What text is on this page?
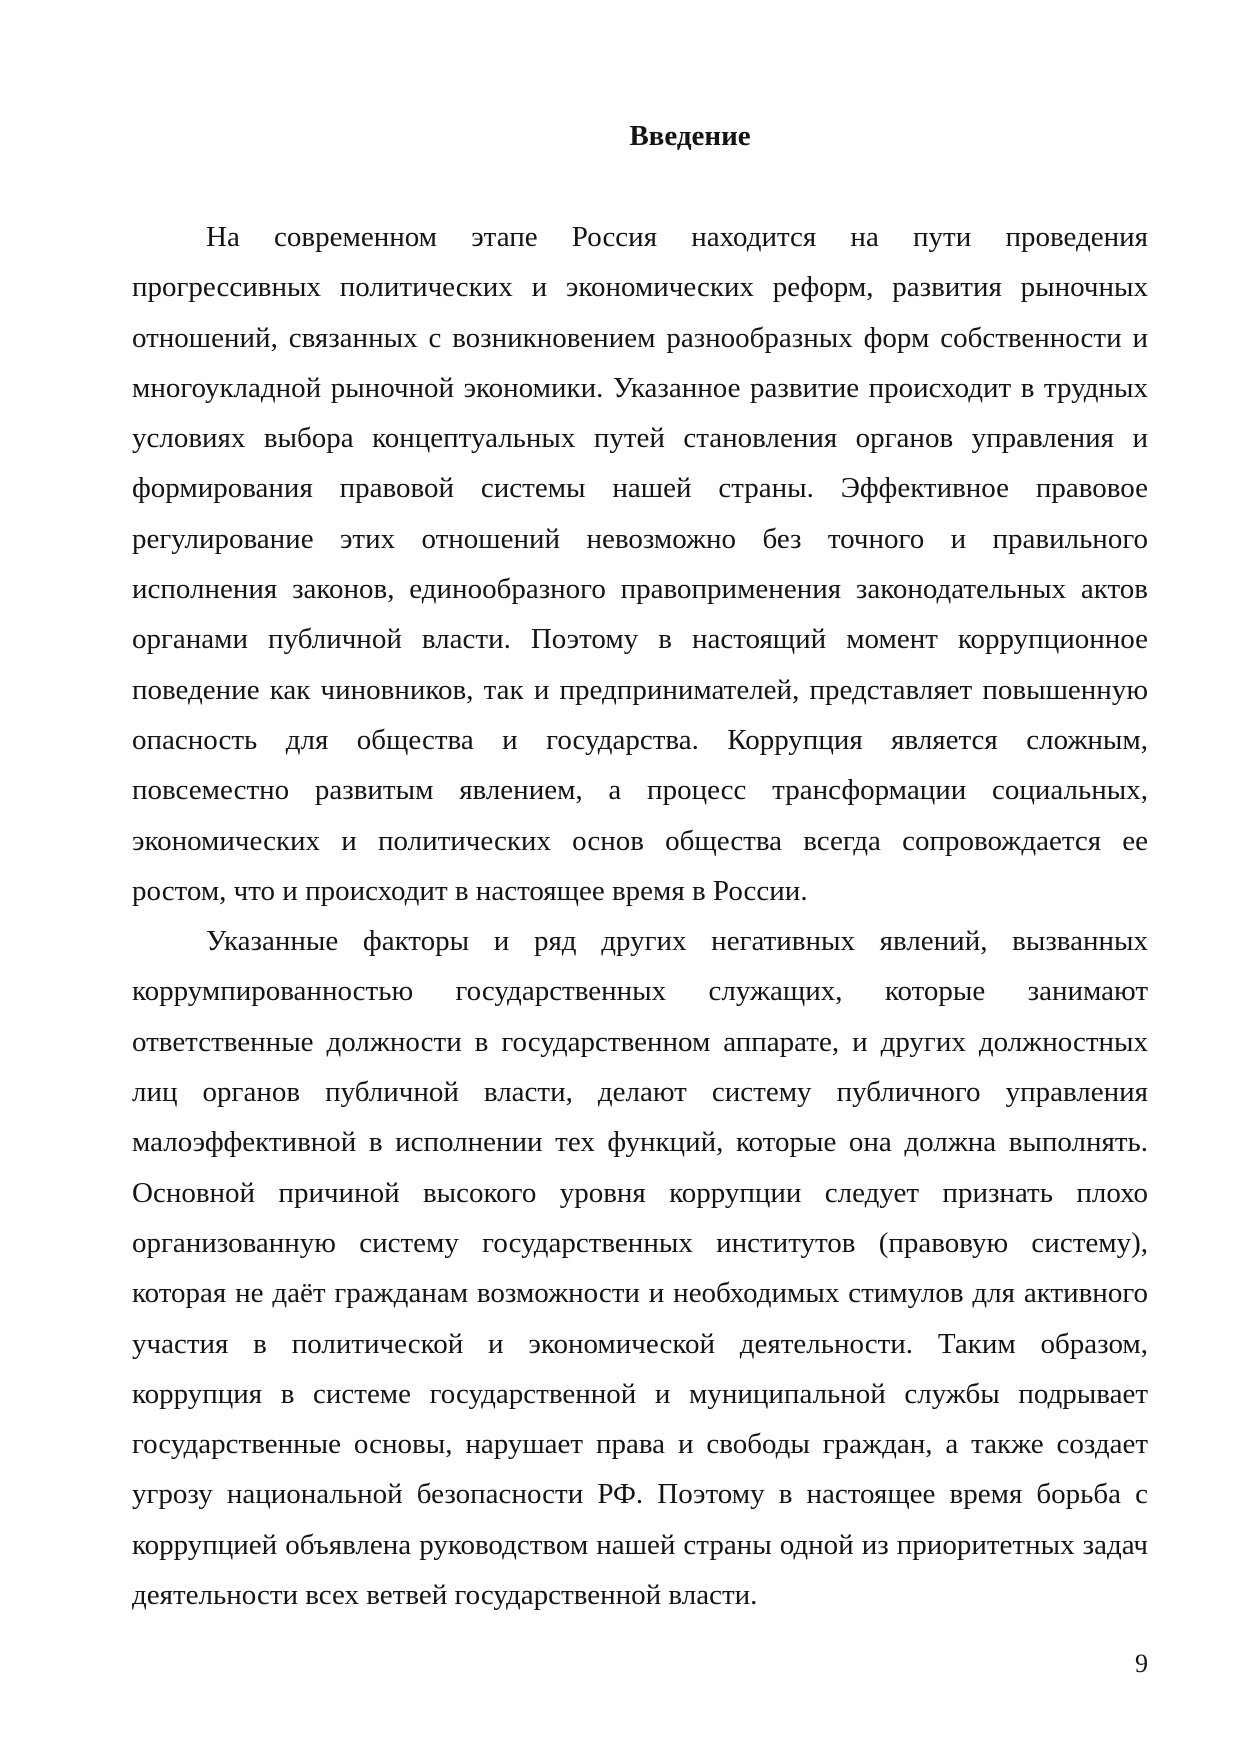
Введение

На современном этапе Россия находится на пути проведения прогрессивных политических и экономических реформ, развития рыночных отношений, связанных с возникновением разнообразных форм собственности и многоукладной рыночной экономики. Указанное развитие происходит в трудных условиях выбора концептуальных путей становления органов управления и формирования правовой системы нашей страны. Эффективное правовое регулирование этих отношений невозможно без точного и правильного исполнения законов, единообразного правоприменения законодательных актов органами публичной власти. Поэтому в настоящий момент коррупционное поведение как чиновников, так и предпринимателей, представляет повышенную опасность для общества и государства. Коррупция является сложным, повсеместно развитым явлением, а процесс трансформации социальных, экономических и политических основ общества всегда сопровождается ее ростом, что и происходит в настоящее время в России.

Указанные факторы и ряд других негативных явлений, вызванных коррумпированностью государственных служащих, которые занимают ответственные должности в государственном аппарате, и других должностных лиц органов публичной власти, делают систему публичного управления малоэффективной в исполнении тех функций, которые она должна выполнять. Основной причиной высокого уровня коррупции следует признать плохо организованную систему государственных институтов (правовую систему), которая не даёт гражданам возможности и необходимых стимулов для активного участия в политической и экономической деятельности. Таким образом, коррупция в системе государственной и муниципальной службы подрывает государственные основы, нарушает права и свободы граждан, а также создает угрозу национальной безопасности РФ. Поэтому в настоящее время борьба с коррупцией объявлена руководством нашей страны одной из приоритетных задач деятельности всех ветвей государственной власти.

9
